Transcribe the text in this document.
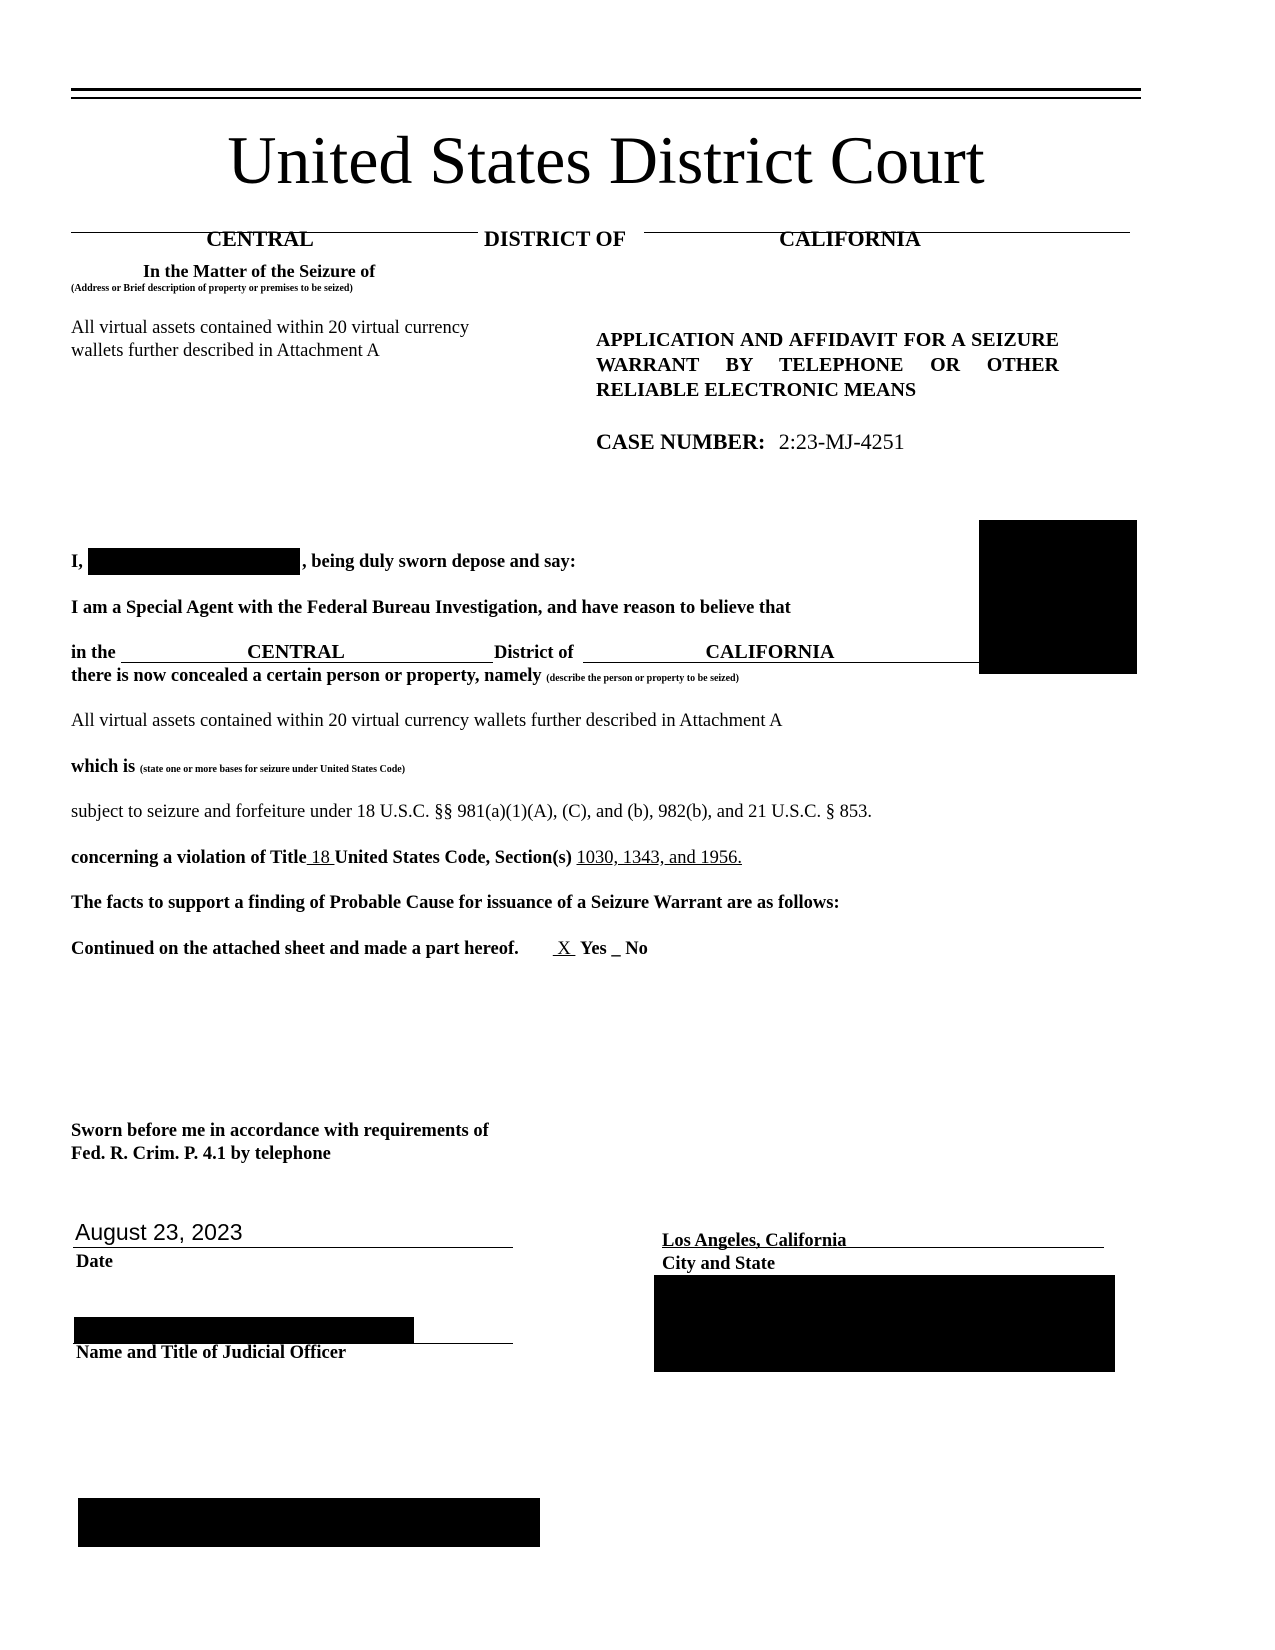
United States District Court
CENTRAL	DISTRICT OF	CALIFORNIA
In the Matter of the Seizure of
(Address or Brief description of property or premises to be seized)
All virtual assets contained within 20 virtual currency wallets further described in Attachment A	APPLICATION AND AFFIDAVIT FOR A SEIZURE WARRANT BY TELEPHONE OR OTHER RELIABLE ELECTRONIC MEANS
CASE NUMBER: 2:23-MJ-4251
I,	, being duly sworn depose and say:
I am a Special Agent with the Federal Bureau Investigation, and have reason to believe that
in the	CENTRAL	District of	CALIFORNIA
there is now concealed a certain person or property, namely (describe the person or property to be seized)
All virtual assets contained within 20 virtual currency wallets further described in Attachment A
which is (state one or more bases for seizure under United States Code)
subject to seizure and forfeiture under 18 U.S.C. §§ 981(a)(1)(A), (C), and (b), 982(b), and 21 U.S.C. § 853.
concerning a violation of Title 18 United States Code, Section(s) 1030, 1343, and 1956.
The facts to support a finding of Probable Cause for issuance of a Seizure Warrant are as follows:
Continued on the attached sheet and made a part hereof. X  Yes _ No
Sworn before me in accordance with requirements of
Fed. R. Crim. P. 4.1 by telephone
August 23, 2023
Date
Los Angeles, California
City and State
Name and Title of Judicial Officer
